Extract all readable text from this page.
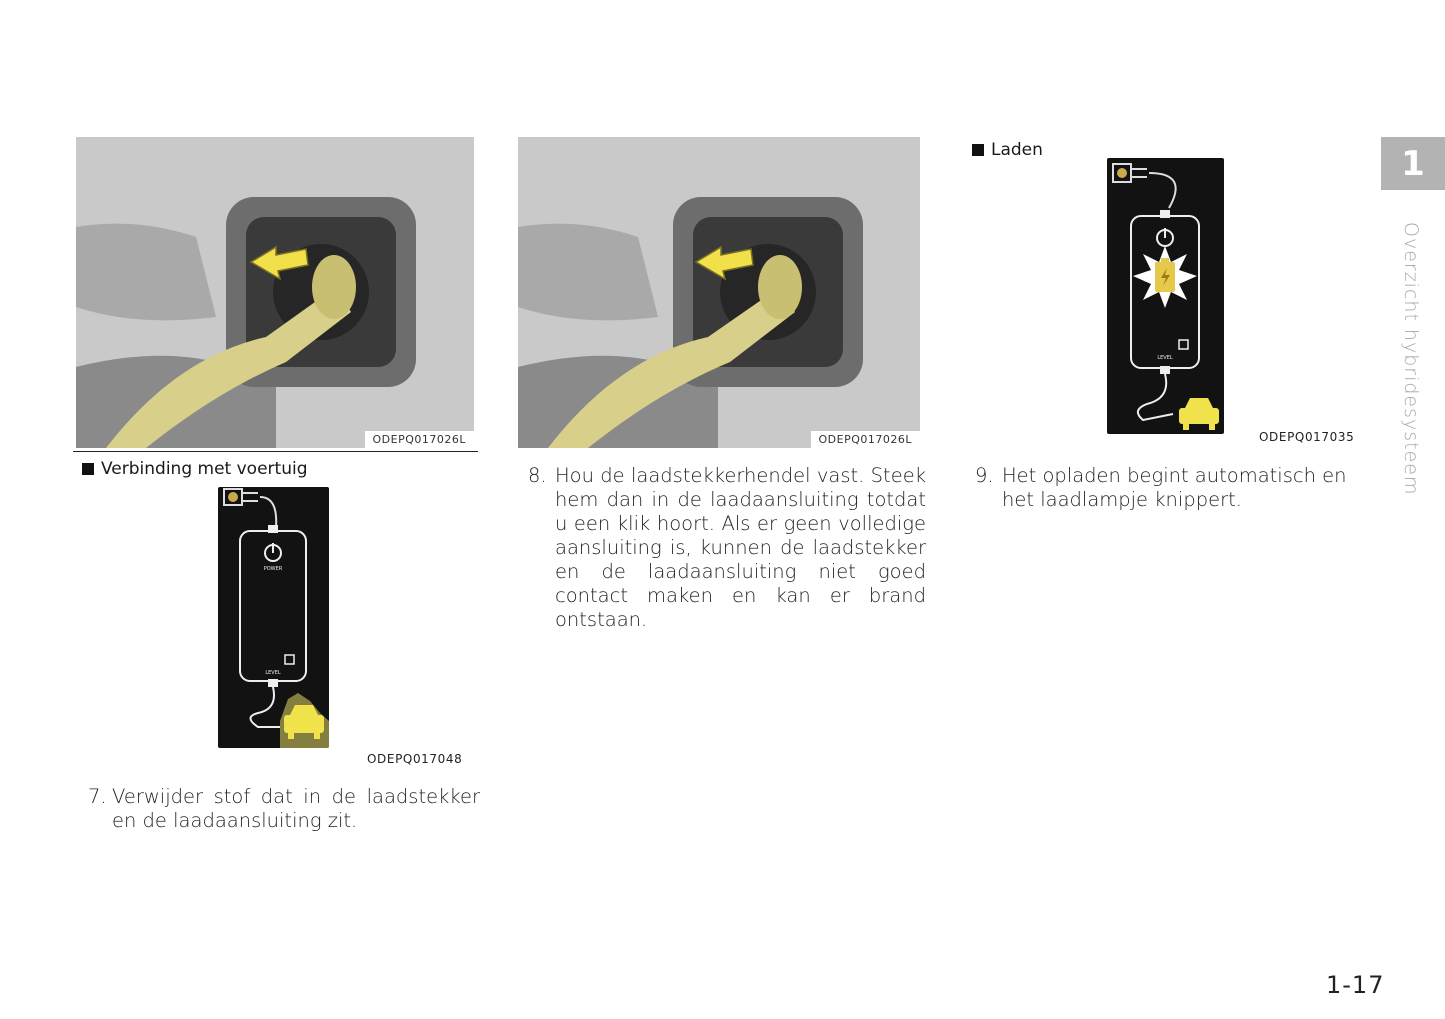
ODEPQ017026L	ODEPQ017026L
Verbinding met voertuig
POWER
LEVEL
ODEPQ017048
7. Verwijder stof dat in de laadstekker en de laadaansluiting zit.
8. Hou de laadstekkerhendel vast. Steek hem dan in de laadaansluiting totdat u een klik hoort. Als er geen volledige aansluiting is, kunnen de laadstekker en de laadaansluiting niet goed contact maken en kan er brand ontstaan.
Laden
LEVEL
ODEPQ017035
9. Het opladen begint automatisch en het laadlampje knippert.
1
Overzicht hybridesysteem
1-17
